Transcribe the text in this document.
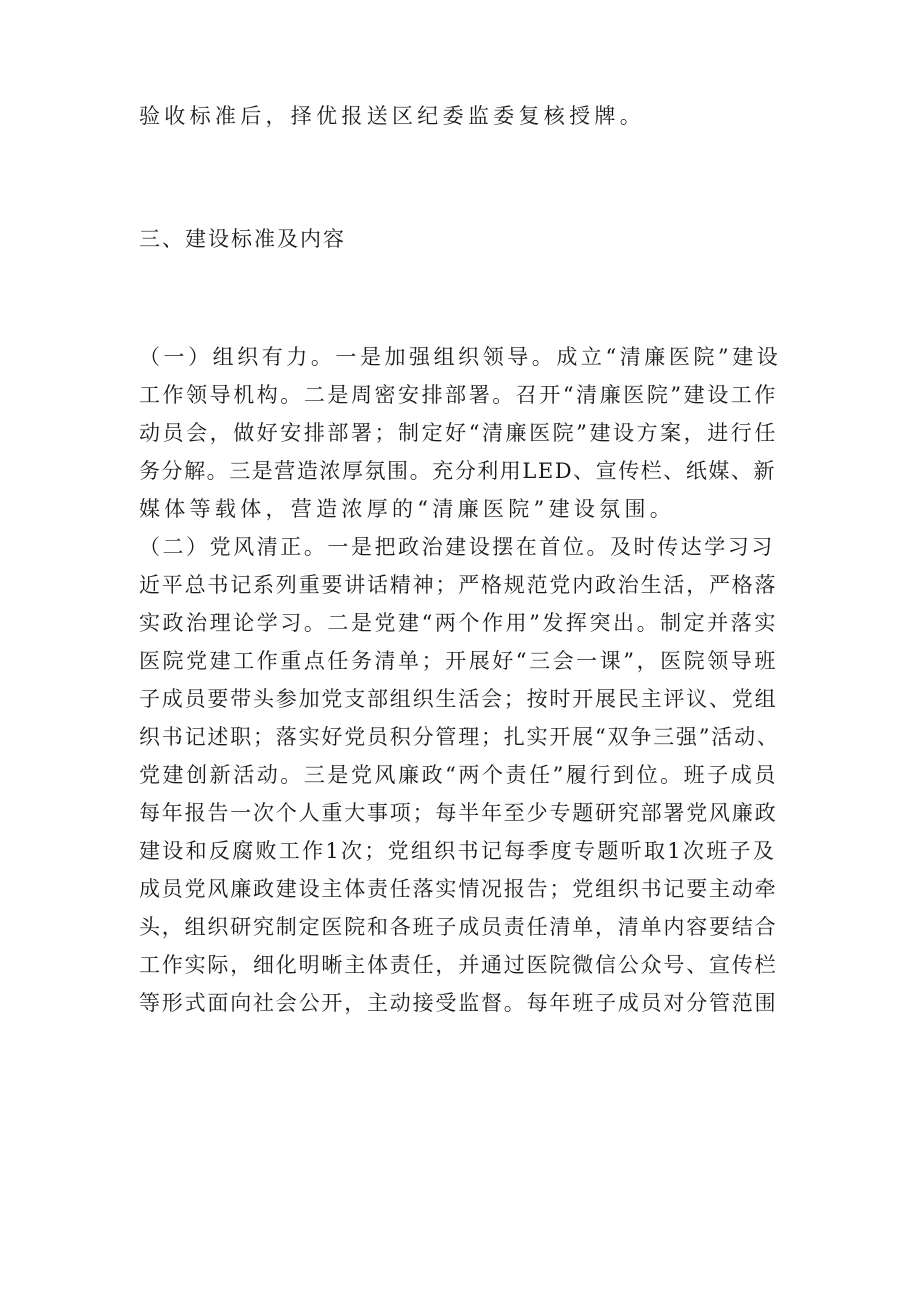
验收标准后，择优报送区纪委监委复核授牌。
三、建设标准及内容
（一）组织有力。一是加强组织领导。成立“清廉医院”建设
工作领导机构。二是周密安排部署。召开“清廉医院”建设工作
动员会，做好安排部署；制定好“清廉医院”建设方案，进行任
务分解。三是营造浓厚氛围。充分利用LED、宣传栏、纸媒、新
媒体等载体，营造浓厚的“清廉医院”建设氛围。
（二）党风清正。一是把政治建设摆在首位。及时传达学习习
近平总书记系列重要讲话精神；严格规范党内政治生活，严格落
实政治理论学习。二是党建“两个作用”发挥突出。制定并落实
医院党建工作重点任务清单；开展好“三会一课”，医院领导班
子成员要带头参加党支部组织生活会；按时开展民主评议、党组
织书记述职；落实好党员积分管理；扎实开展“双争三强”活动、
党建创新活动。三是党风廉政“两个责任”履行到位。班子成员
每年报告一次个人重大事项；每半年至少专题研究部署党风廉政
建设和反腐败工作1次；党组织书记每季度专题听取1次班子及
成员党风廉政建设主体责任落实情况报告；党组织书记要主动牵
头，组织研究制定医院和各班子成员责任清单，清单内容要结合
工作实际，细化明晰主体责任，并通过医院微信公众号、宣传栏
等形式面向社会公开，主动接受监督。每年班子成员对分管范围
